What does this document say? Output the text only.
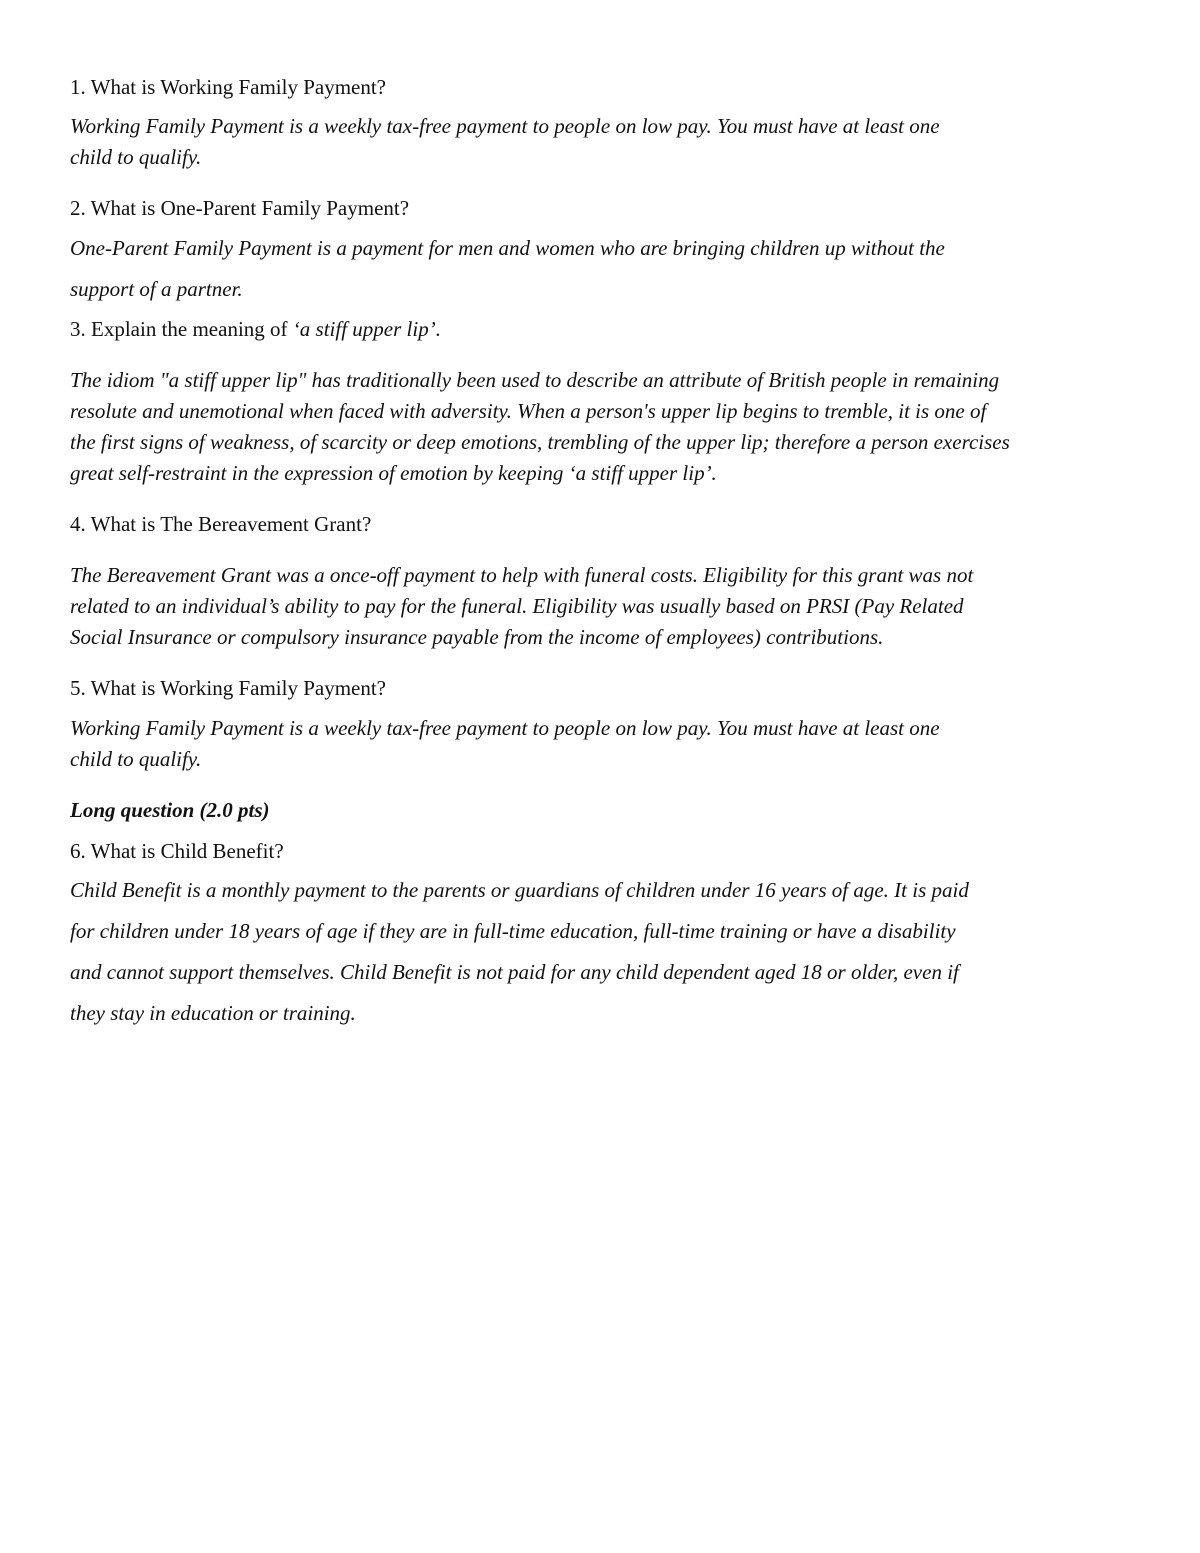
1. What is Working Family Payment?
Working Family Payment is a weekly tax-free payment to people on low pay. You must have at least one
child to qualify.
2. What is One-Parent Family Payment?
One-Parent Family Payment is a payment for men and women who are bringing children up without the
support of a partner.
3. Explain the meaning of ‘a stiff upper lip’.
The idiom "a stiff upper lip" has traditionally been used to describe an attribute of British people in remaining
resolute and unemotional when faced with adversity. When a person's upper lip begins to tremble, it is one of
the first signs of weakness, of scarcity or deep emotions, trembling of the upper lip; therefore a person exercises
great self-restraint in the expression of emotion by keeping ‘a stiff upper lip’.
4. What is The Bereavement Grant?
The Bereavement Grant was a once-off payment to help with funeral costs. Eligibility for this grant was not
related to an individual’s ability to pay for the funeral. Eligibility was usually based on PRSI (Pay Related
Social Insurance or compulsory insurance payable from the income of employees) contributions.
5. What is Working Family Payment?
Working Family Payment is a weekly tax-free payment to people on low pay. You must have at least one
child to qualify.
Long question (2.0 pts)
6. What is Child Benefit?
Child Benefit is a monthly payment to the parents or guardians of children under 16 years of age. It is paid
for children under 18 years of age if they are in full-time education, full-time training or have a disability
and cannot support themselves. Child Benefit is not paid for any child dependent aged 18 or older, even if
they stay in education or training.
